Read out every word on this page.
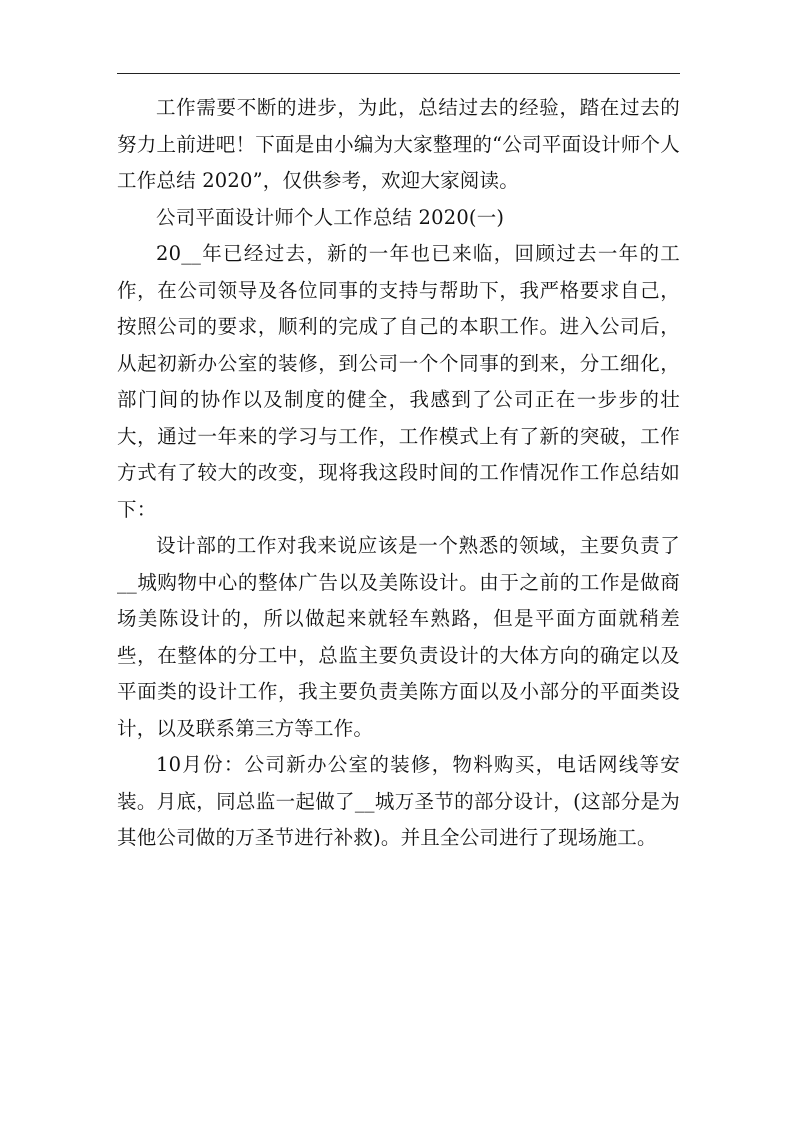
工作需要不断的进步，为此，总结过去的经验，踏在过去的努力上前进吧！下面是由小编为大家整理的“公司平面设计师个人工作总结 2020”，仅供参考，欢迎大家阅读。

公司平面设计师个人工作总结 2020(一)

20__年已经过去，新的一年也已来临，回顾过去一年的工作，在公司领导及各位同事的支持与帮助下，我严格要求自己，按照公司的要求，顺利的完成了自己的本职工作。进入公司后，从起初新办公室的装修，到公司一个个同事的到来，分工细化，部门间的协作以及制度的健全，我感到了公司正在一步步的壮大，通过一年来的学习与工作，工作模式上有了新的突破，工作方式有了较大的改变，现将我这段时间的工作情况作工作总结如下：

设计部的工作对我来说应该是一个熟悉的领域，主要负责了__城购物中心的整体广告以及美陈设计。由于之前的工作是做商场美陈设计的，所以做起来就轻车熟路，但是平面方面就稍差些，在整体的分工中，总监主要负责设计的大体方向的确定以及平面类的设计工作，我主要负责美陈方面以及小部分的平面类设计，以及联系第三方等工作。

10月份：公司新办公室的装修，物料购买，电话网线等安装。月底，同总监一起做了__城万圣节的部分设计，(这部分是为其他公司做的万圣节进行补救)。并且全公司进行了现场施工。
